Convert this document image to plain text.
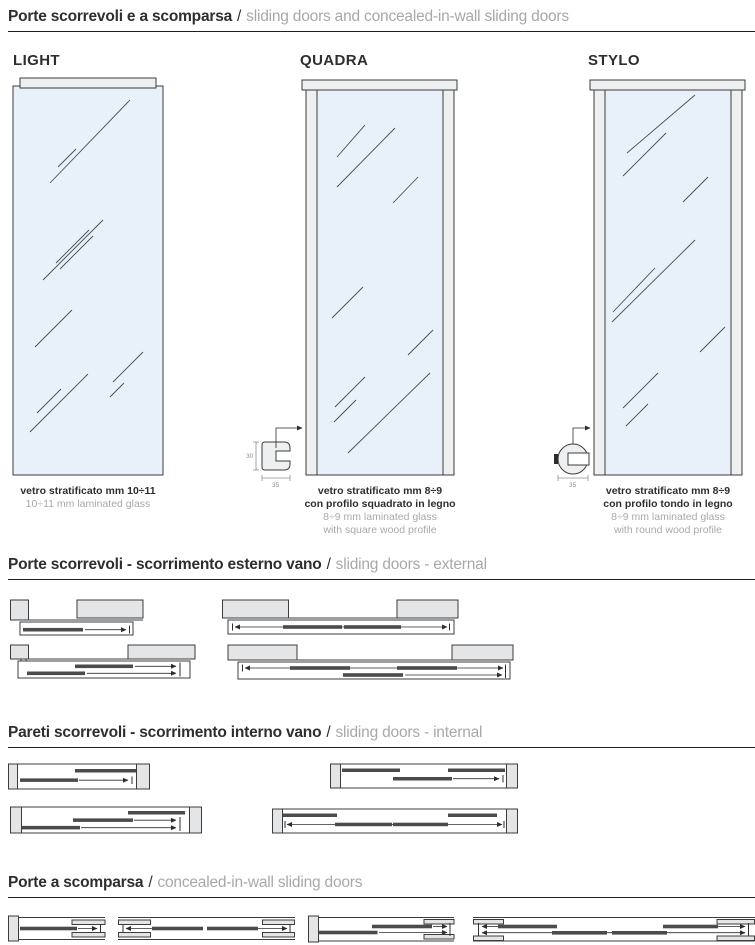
Porte scorrevoli e a scomparsa / sliding doors and concealed-in-wall sliding doors
LIGHT	QUADRA	STYLO
vetro stratificato mm 10÷11
10÷11 mm laminated glass
30
35	vetro stratificato mm 8÷9
con profilo squadrato in legno
8÷9 mm laminated glass
with square wood profile
35	vetro stratificato mm 8÷9
con profilo tondo in legno
8÷9 mm laminated glass
with round wood profile
Porte scorrevoli - scorrimento esterno vano / sliding doors - external
Pareti scorrevoli - scorrimento interno vano / sliding doors - internal
Porte a scomparsa / concealed-in-wall sliding doors
